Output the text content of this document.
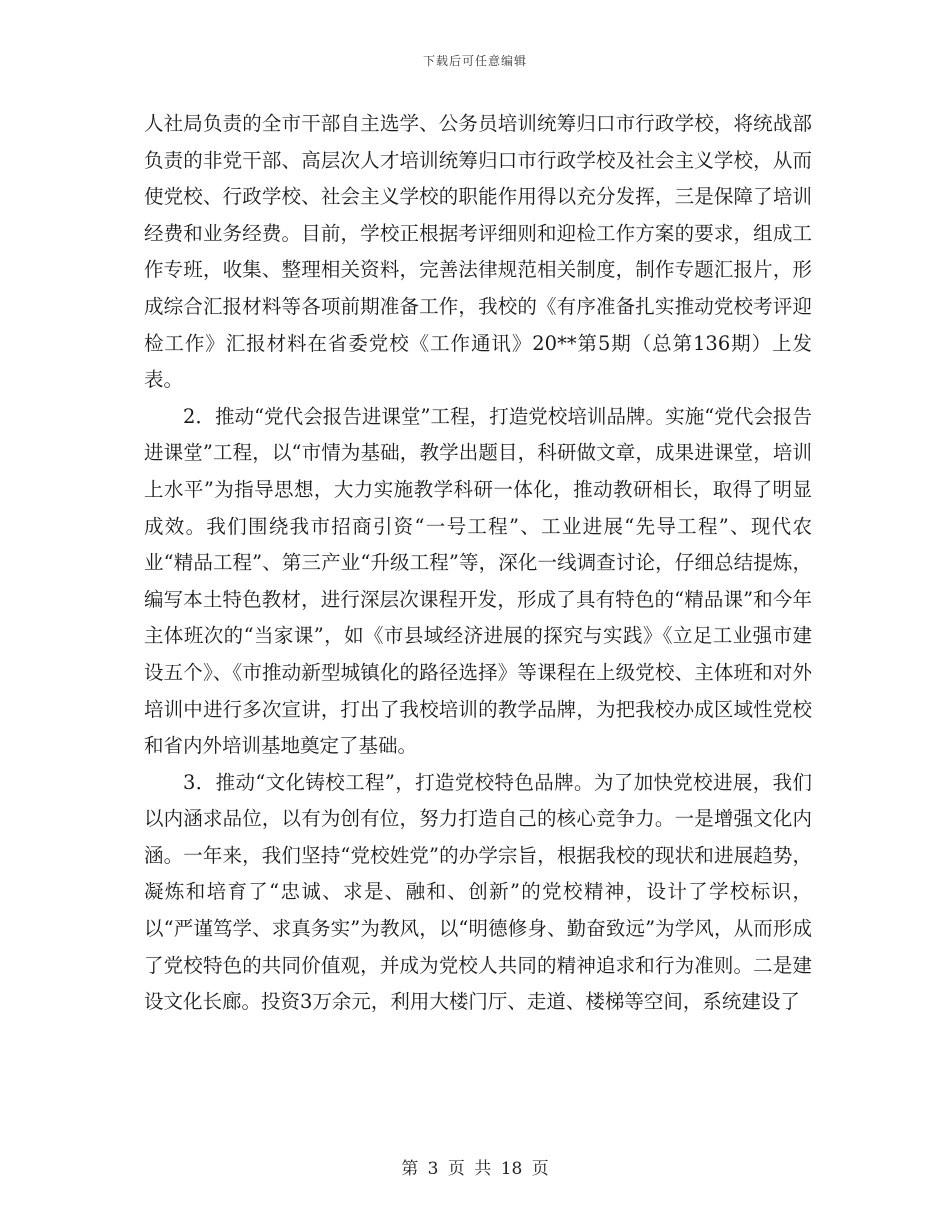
下载后可任意编辑

人社局负责的全市干部自主选学、公务员培训统筹归口市行政学校，将统战部负责的非党干部、高层次人才培训统筹归口市行政学校及社会主义学校，从而使党校、行政学校、社会主义学校的职能作用得以充分发挥，三是保障了培训经费和业务经费。目前，学校正根据考评细则和迎检工作方案的要求，组成工作专班，收集、整理相关资料，完善法律规范相关制度，制作专题汇报片，形成综合汇报材料等各项前期准备工作，我校的《有序准备扎实推动党校考评迎检工作》汇报材料在省委党校《工作通讯》20**第5期（总第136期）上发表。

2．推动“党代会报告进课堂”工程，打造党校培训品牌。实施“党代会报告进课堂”工程，以“市情为基础，教学出题目，科研做文章，成果进课堂，培训上水平”为指导思想，大力实施教学科研一体化，推动教研相长，取得了明显成效。我们围绕我市招商引资“一号工程”、工业进展“先导工程”、现代农业“精品工程”、第三产业“升级工程”等，深化一线调查讨论，仔细总结提炼，编写本土特色教材，进行深层次课程开发，形成了具有特色的“精品课”和今年主体班次的“当家课”，如《市县域经济进展的探究与实践》《立足工业强市建设五个》、《市推动新型城镇化的路径选择》等课程在上级党校、主体班和对外培训中进行多次宣讲，打出了我校培训的教学品牌，为把我校办成区域性党校和省内外培训基地奠定了基础。

3．推动“文化铸校工程”，打造党校特色品牌。为了加快党校进展，我们以内涵求品位，以有为创有位，努力打造自己的核心竞争力。一是增强文化内涵。一年来，我们坚持“党校姓党”的办学宗旨，根据我校的现状和进展趋势，凝炼和培育了“忠诚、求是、融和、创新”的党校精神，设计了学校标识，以“严谨笃学、求真务实”为教风，以“明德修身、勤奋致远”为学风，从而形成了党校特色的共同价值观，并成为党校人共同的精神追求和行为准则。二是建设文化长廊。投资3万余元，利用大楼门厅、走道、楼梯等空间，系统建设了

第 3 页 共 18 页
